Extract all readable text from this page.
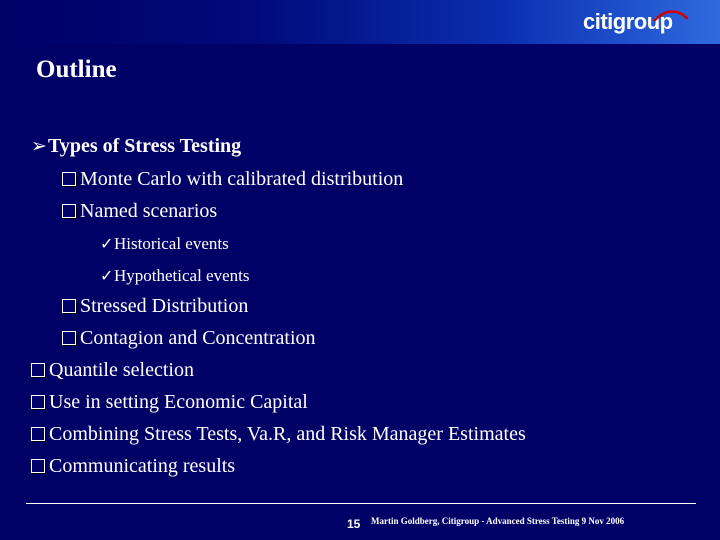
citigroup
Outline
➢Types of Stress Testing
Monte Carlo with calibrated distribution
Named scenarios
✓Historical events
✓Hypothetical events
Stressed Distribution
Contagion and Concentration
Quantile selection
Use in setting Economic Capital
Combining Stress Tests, Va.R, and Risk Manager Estimates
Communicating results
15 Martin Goldberg, Citigroup - Advanced Stress Testing 9 Nov 2006
